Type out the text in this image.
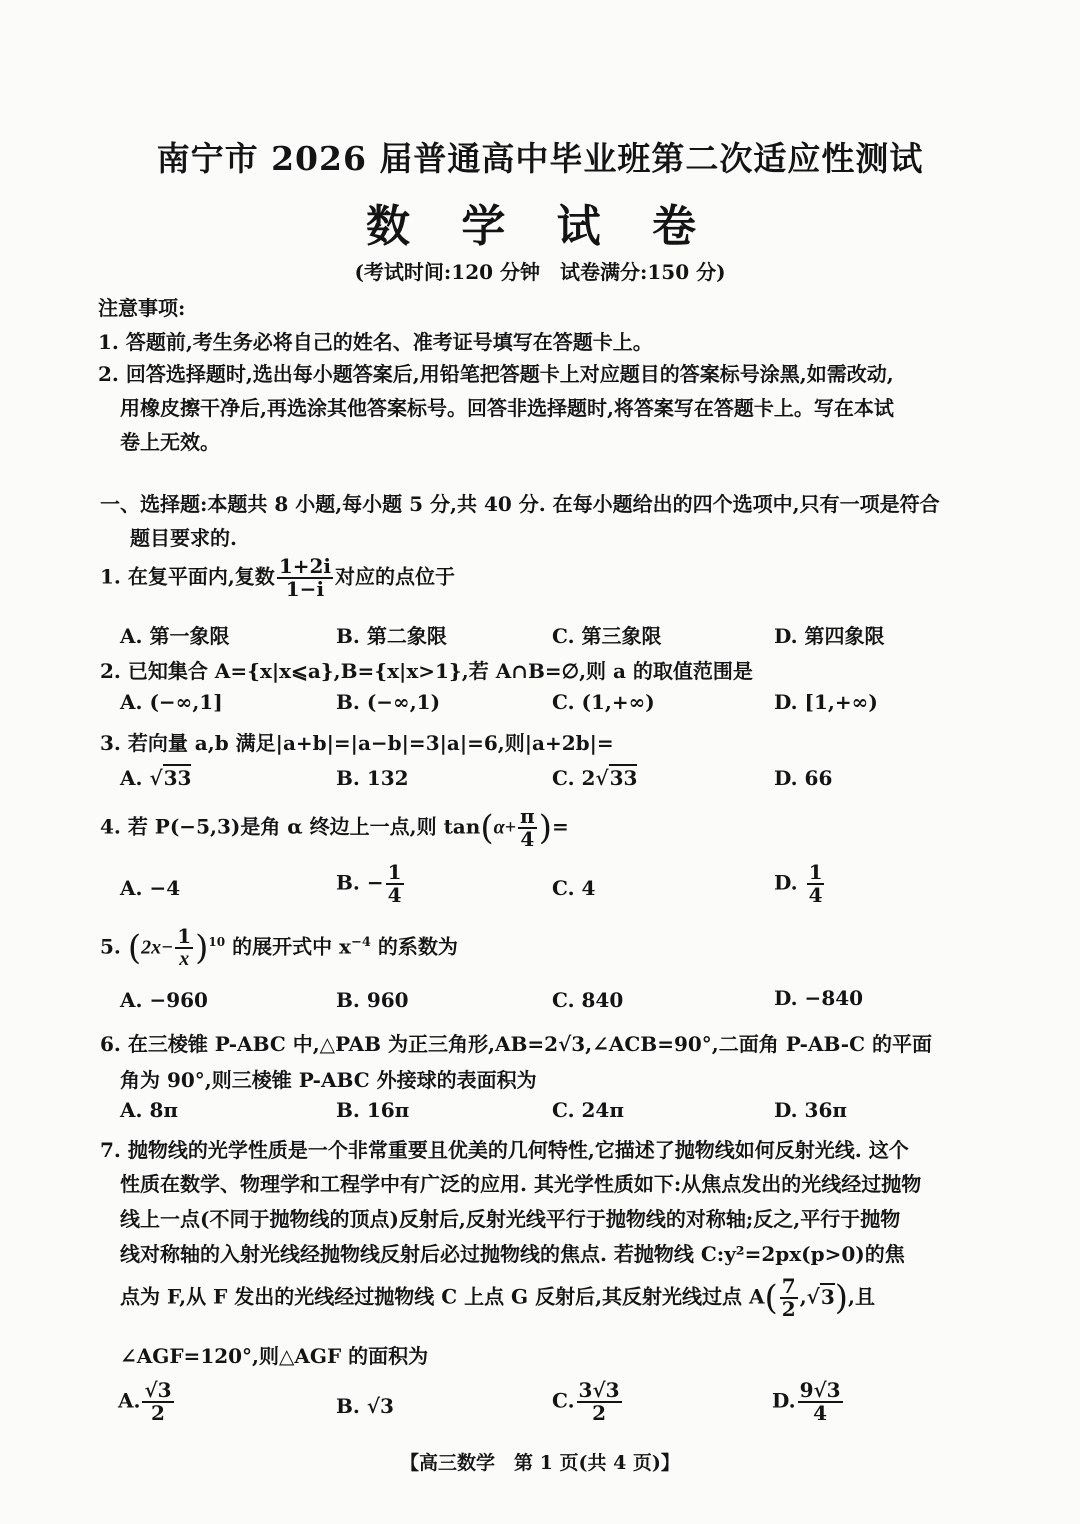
南宁市 2026 届普通高中毕业班第二次适应性测试
数 学 试 卷
(考试时间:120 分钟　试卷满分:150 分)
注意事项:
1. 答题前,考生务必将自己的姓名、准考证号填写在答题卡上。
2. 回答选择题时,选出每小题答案后,用铅笔把答题卡上对应题目的答案标号涂黑,如需改动,
用橡皮擦干净后,再选涂其他答案标号。回答非选择题时,将答案写在答题卡上。写在本试
卷上无效。
一、选择题:本题共 8 小题,每小题 5 分,共 40 分. 在每小题给出的四个选项中,只有一项是符合
题目要求的.
1. 在复平面内,复数 $\frac{1+2i}{1-i}$ 对应的点位于
A. 第一象限	B. 第二象限	C. 第三象限	D. 第四象限
2. 已知集合 A={x|x⩽a},B={x|x>1},若 A∩B=∅,则 a 的取值范围是
A. (−∞,1]	B. (−∞,1)	C. (1,+∞)	D. [1,+∞)
3. 若向量 a,b 满足|a+b|=|a−b|=3|a|=6,则|a+2b|=
A. √33	B. 132	C. 2√33	D. 66
4. 若 P(−5,3)是角 α 终边上一点,则 $\tan(\alpha+ \frac{\pi}{4}$ )=
A. −4	B. − $\frac{1}{4}$	C. 4	D. $\frac{1}{4}$
5. $(2x- \frac{1}{x} )^{10}$ 的展开式中 $x^{-4}$ 的系数为
A. −960	B. 960	C. 840	D. −840
6. 在三棱锥 P-ABC 中,△PAB 为正三角形,AB=2√3,∠ACB=90°,二面角 P-AB-C 的平面
角为 90°,则三棱锥 P-ABC 外接球的表面积为
A. 8π	B. 16π	C. 24π	D. 36π
7. 抛物线的光学性质是一个非常重要且优美的几何特性,它描述了抛物线如何反射光线. 这个
性质在数学、物理学和工程学中有广泛的应用. 其光学性质如下:从焦点发出的光线经过抛物
线上一点(不同于抛物线的顶点)反射后,反射光线平行于抛物线的对称轴;反之,平行于抛物
线对称轴的入射光线经抛物线反射后必过抛物线的焦点. 若抛物线 C:y²=2px(p>0)的焦
点为 F,从 F 发出的光线经过抛物线 C 上点 G 反射后,其反射光线过点 $A( \frac{7}{2} ,√3)$,且
∠AGF=120°,则△AGF 的面积为
A. $\frac{√3}{2}$	B. √3	C. $\frac{3√3}{2}$	D. $\frac{9√3}{4}$
【高三数学　第 1 页(共 4 页)】
